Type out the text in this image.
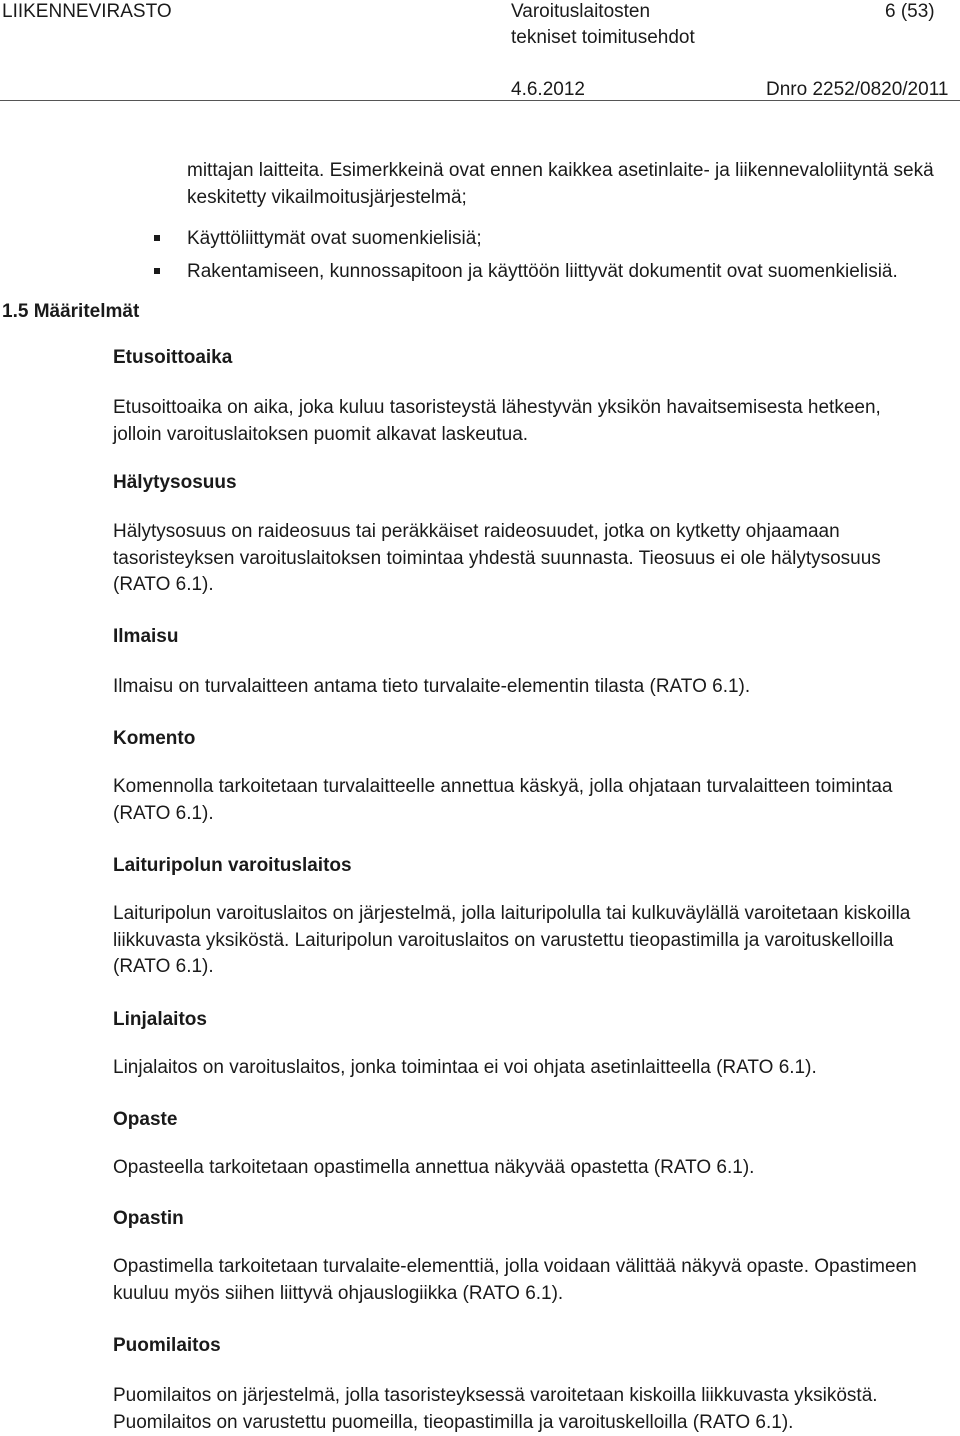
LIIKENNEVIRASTO	Varoituslaitosten
tekniset toimitusehdot
6 (53)
4.6.2012	Dnro 2252/0820/2011
mittajan laitteita. Esimerkkeinä ovat ennen kaikkea asetinlaite- ja liikennevaloliityntä sekä keskitetty vikailmoitusjärjestelmä;
Käyttöliittymät ovat suomenkielisiä;
Rakentamiseen, kunnossapitoon ja käyttöön liittyvät dokumentit ovat suomenkielisiä.
1.5 Määritelmät
Etusoittoaika
Etusoittoaika on aika, joka kuluu tasoristeystä lähestyvän yksikön havaitsemisesta hetkeen, jolloin varoituslaitoksen puomit alkavat laskeutua.
Hälytysosuus
Hälytysosuus on raideosuus tai peräkkäiset raideosuudet, jotka on kytketty ohjaamaan tasoristeyksen varoituslaitoksen toimintaa yhdestä suunnasta. Tieosuus ei ole hälytysosuus (RATO 6.1).
Ilmaisu
Ilmaisu on turvalaitteen antama tieto turvalaite-elementin tilasta (RATO 6.1).
Komento
Komennolla tarkoitetaan turvalaitteelle annettua käskyä, jolla ohjataan turvalaitteen toimintaa (RATO 6.1).
Laituripolun varoituslaitos
Laituripolun varoituslaitos on järjestelmä, jolla laituripolulla tai kulkuväylällä varoitetaan kiskoilla liikkuvasta yksiköstä. Laituripolun varoituslaitos on varustettu tieopastimilla ja varoituskelloilla (RATO 6.1).
Linjalaitos
Linjalaitos on varoituslaitos, jonka toimintaa ei voi ohjata asetinlaitteella (RATO 6.1).
Opaste
Opasteella tarkoitetaan opastimella annettua näkyvää opastetta (RATO 6.1).
Opastin
Opastimella tarkoitetaan turvalaite-elementtiä, jolla voidaan välittää näkyvä opaste. Opastimeen kuuluu myös siihen liittyvä ohjauslogiikka (RATO 6.1).
Puomilaitos
Puomilaitos on järjestelmä, jolla tasoristeyksessä varoitetaan kiskoilla liikkuvasta yksiköstä. Puomilaitos on varustettu puomeilla, tieopastimilla ja varoituskelloilla (RATO 6.1).
